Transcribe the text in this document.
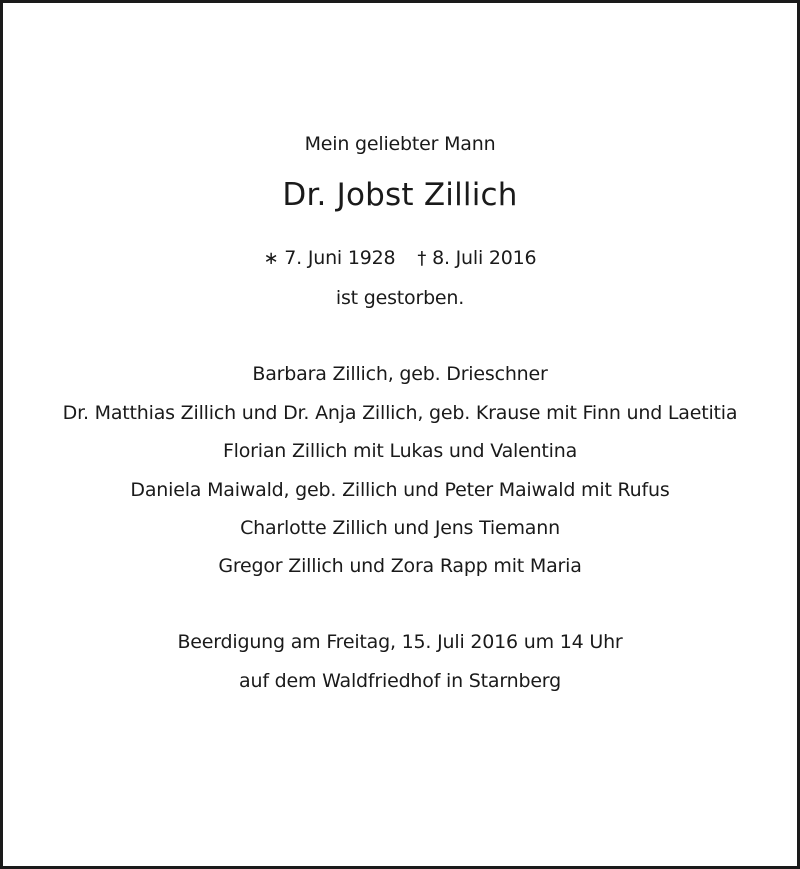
Mein geliebter Mann
Dr. Jobst Zillich
∗ 7. Juni 1928 † 8. Juli 2016
ist gestorben.
Barbara Zillich, geb. Drieschner
Dr. Matthias Zillich und Dr. Anja Zillich, geb. Krause mit Finn und Laetitia
Florian Zillich mit Lukas und Valentina
Daniela Maiwald, geb. Zillich und Peter Maiwald mit Rufus
Charlotte Zillich und Jens Tiemann
Gregor Zillich und Zora Rapp mit Maria
Beerdigung am Freitag, 15. Juli 2016 um 14 Uhr
auf dem Waldfriedhof in Starnberg
